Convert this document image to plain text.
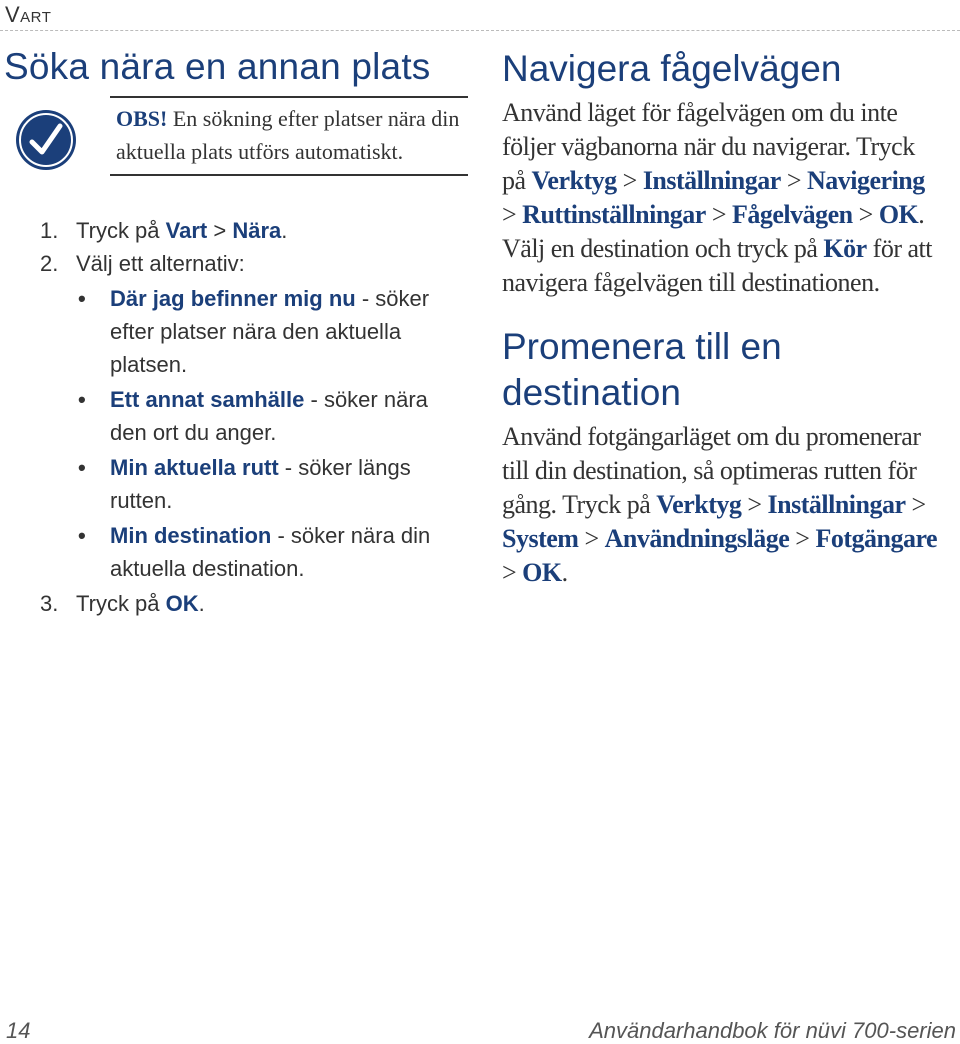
Vart
Söka nära en annan plats
OBS! En sökning efter platser nära din aktuella plats utförs automatiskt.
1. Tryck på Vart > Nära.
2. Välj ett alternativ:
• Där jag befinner mig nu - söker efter platser nära den aktuella platsen.
• Ett annat samhälle - söker nära den ort du anger.
• Min aktuella rutt - söker längs rutten.
• Min destination - söker nära din aktuella destination.
3. Tryck på OK.
Navigera fågelvägen

Använd läget för fågelvägen om du inte följer vägbanorna när du navigerar. Tryck på Verktyg > Inställningar > Navigering > Ruttinställningar > Fågelvägen > OK. Välj en destination och tryck på Kör för att navigera fågelvägen till destinationen.

Promenera till en destination

Använd fotgängarläget om du promenerar till din destination, så optimeras rutten för gång. Tryck på Verktyg > Inställningar > System > Användningsläge > Fotgängare > OK.

14	Användarhandbok för nüvi 700-serien
